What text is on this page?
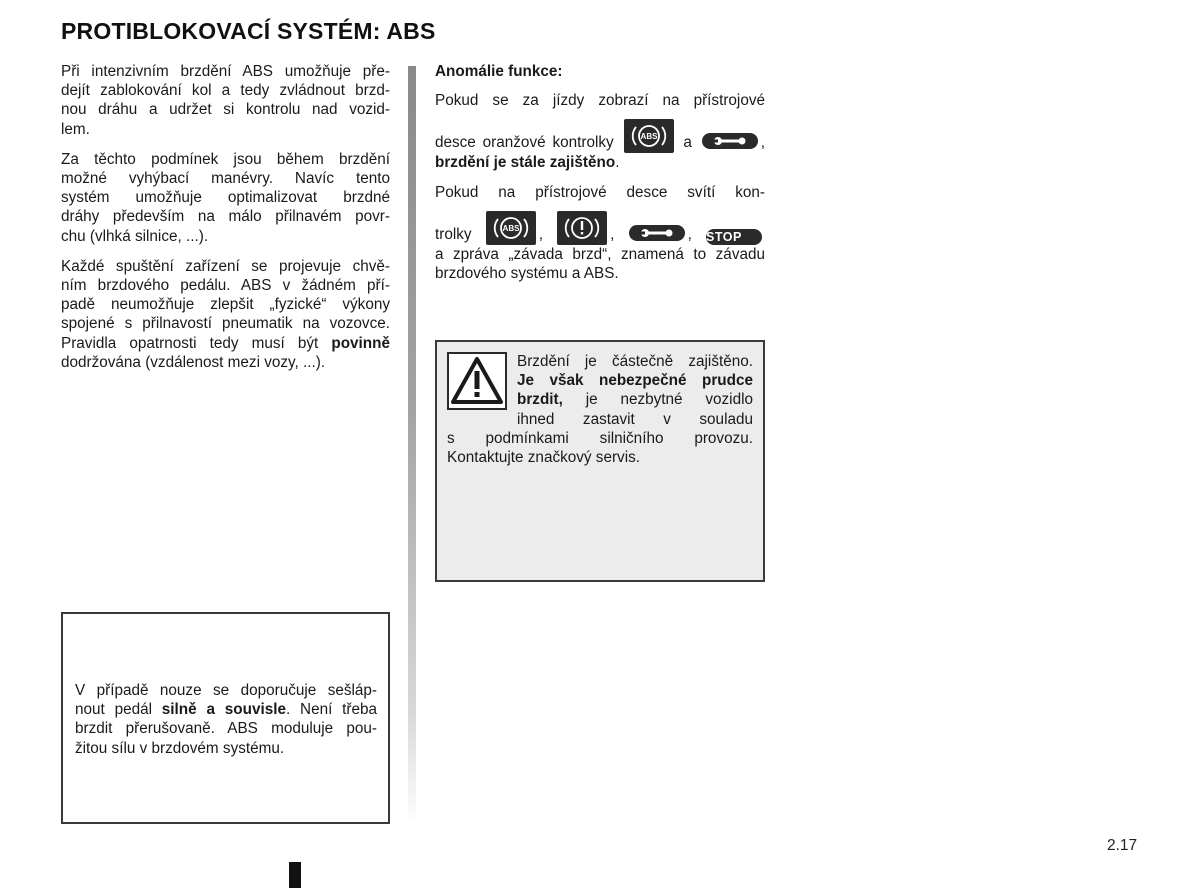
PROTIBLOKOVACÍ SYSTÉM: ABS

Při intenzivním brzdění ABS umožňuje pře-
dejít zablokování kol a tedy zvládnout brzd-
nou dráhu a udržet si kontrolu nad vozid-
lem.

Za těchto podmínek jsou během brzdění
možné vyhýbací manévry. Navíc tento
systém umožňuje optimalizovat brzdné
dráhy především na málo přilnavém povr-
chu (vlhká silnice, ...).

Každé spuštění zařízení se projevuje chvě-
ním brzdového pedálu. ABS v žádném pří-
padě neumožňuje zlepšit „fyzické“ výkony
spojené s přilnavostí pneumatik na vozovce.
Pravidla opatrnosti tedy musí být povinně
dodržována (vzdálenost mezi vozy, ...).

Anomálie funkce:

Pokud se za jízdy zobrazí na přístrojové
desce oranžové kontrolky	ABS a	,
brzdění je stále zajištěno.

Pokud na přístrojové desce svítí kon-
trolky	ABS ,	,	, STOP
a zpráva „závada brzd“, znamená to závadu
brzdového systému a ABS.

Brzdění je částečně zajištěno.
Je však nebezpečné prudce
brzdit, je nezbytné vozidlo
ihned zastavit v souladu
s podmínkami silničního provozu.
Kontaktujte značkový servis.
V případě nouze se doporučuje sešláp-
nout pedál silně a souvisle. Není třeba
brzdit přerušovaně. ABS moduluje pou-
žitou sílu v brzdovém systému.
2.17
